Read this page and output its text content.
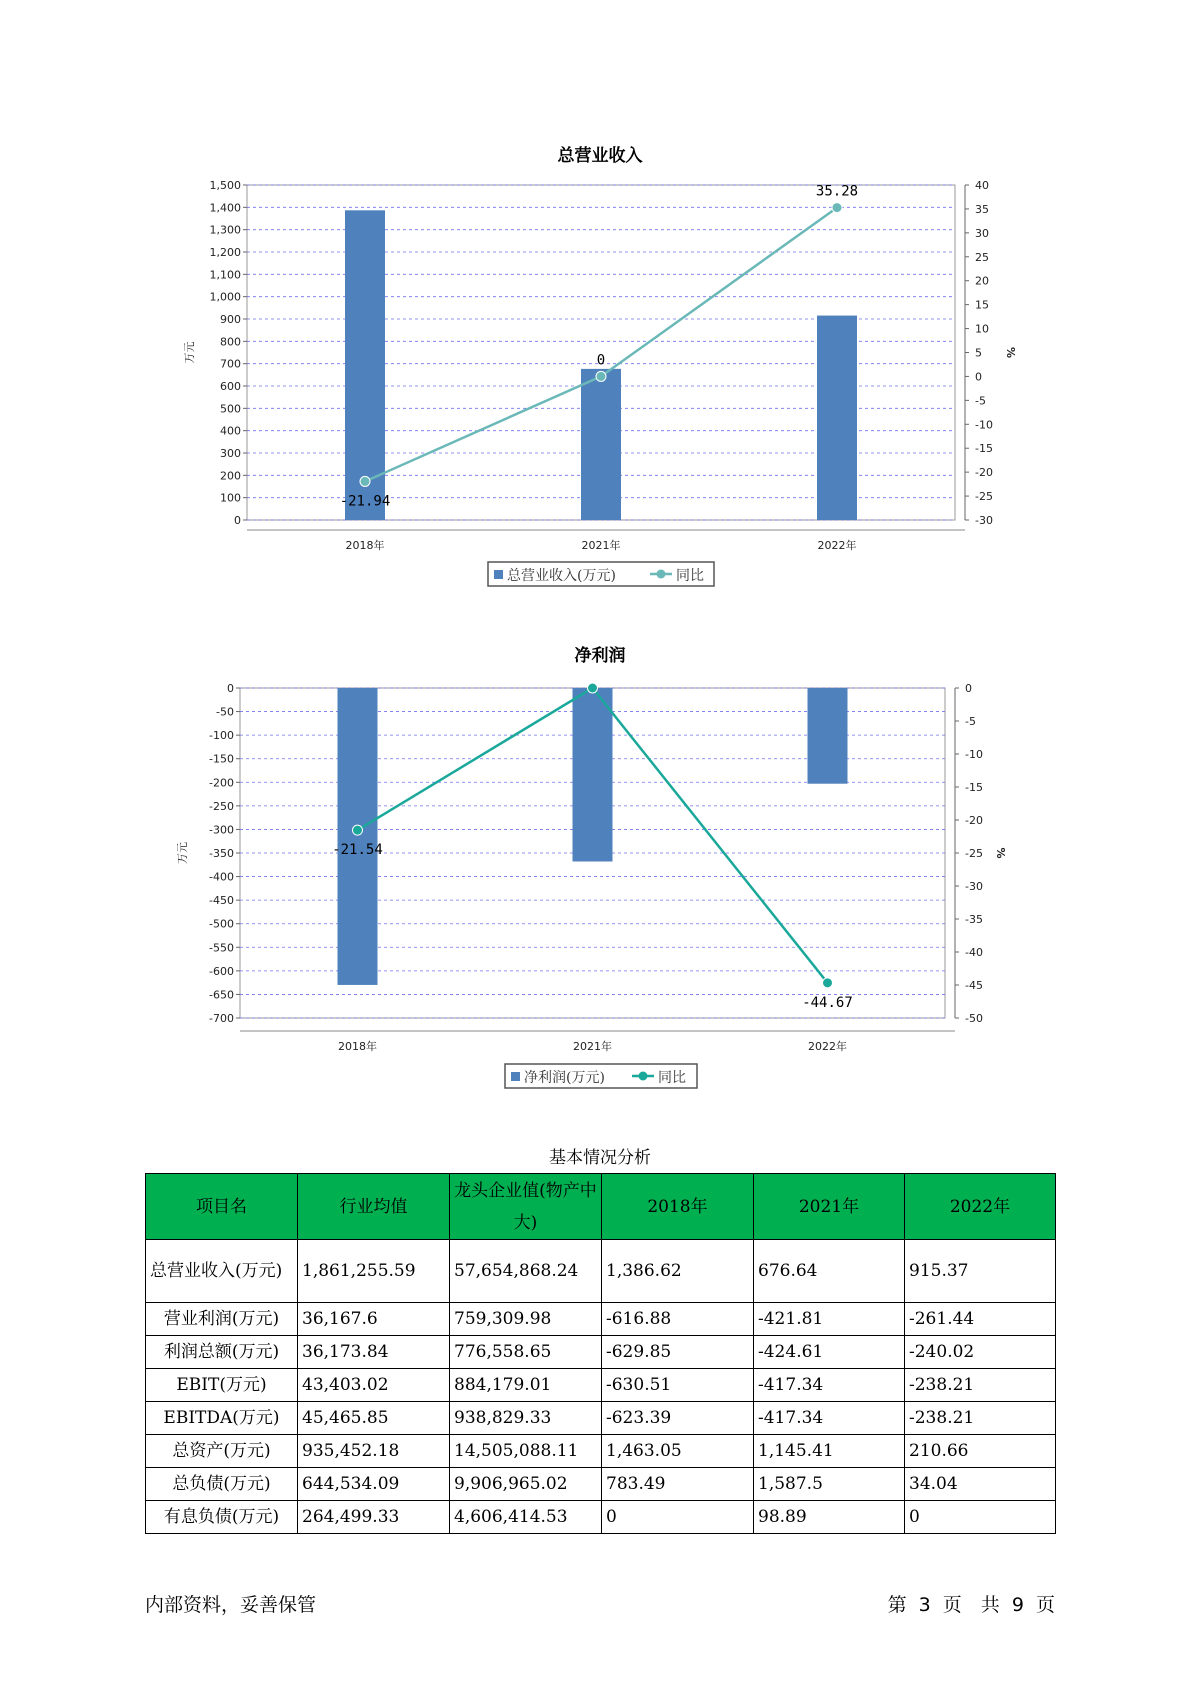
总营业收入
0
100
200
300
400
500
600
700
800
900
1,000
1,100
1,200
1,300
1,400
1,500
-30
-25
-20
-15
-10
-5
0
5
10
15
20
25
30
35
40
万元	%
2018年	2021年	2022年
-21.94
0
35.28
总营业收入(万元)	同比
净利润
-700
-650
-600
-550
-500
-450
-400
-350
-300
-250
-200
-150
-100
-50
0
-50
-45
-40
-35
-30
-25
-20
-15
-10
-5
0
万元	%
2018年	2021年	2022年
-21.54
-44.67
净利润(万元)	同比
基本情况分析
项目名	行业均值	龙头企业值(物产中大)	2018年	2021年	2022年
总营业收入(万元)	1,861,255.59	57,654,868.24	1,386.62	676.64	915.37
营业利润(万元)	36,167.6	759,309.98	-616.88	-421.81	-261.44
利润总额(万元)	36,173.84	776,558.65	-629.85	-424.61	-240.02
EBIT(万元)	43,403.02	884,179.01	-630.51	-417.34	-238.21
EBITDA(万元)	45,465.85	938,829.33	-623.39	-417.34	-238.21
总资产(万元)	935,452.18	14,505,088.11	1,463.05	1,145.41	210.66
总负债(万元)	644,534.09	9,906,965.02	783.49	1,587.5	34.04
有息负债(万元)	264,499.33	4,606,414.53	0	98.89	0
内部资料，妥善保管	第 3 页　共 9 页
